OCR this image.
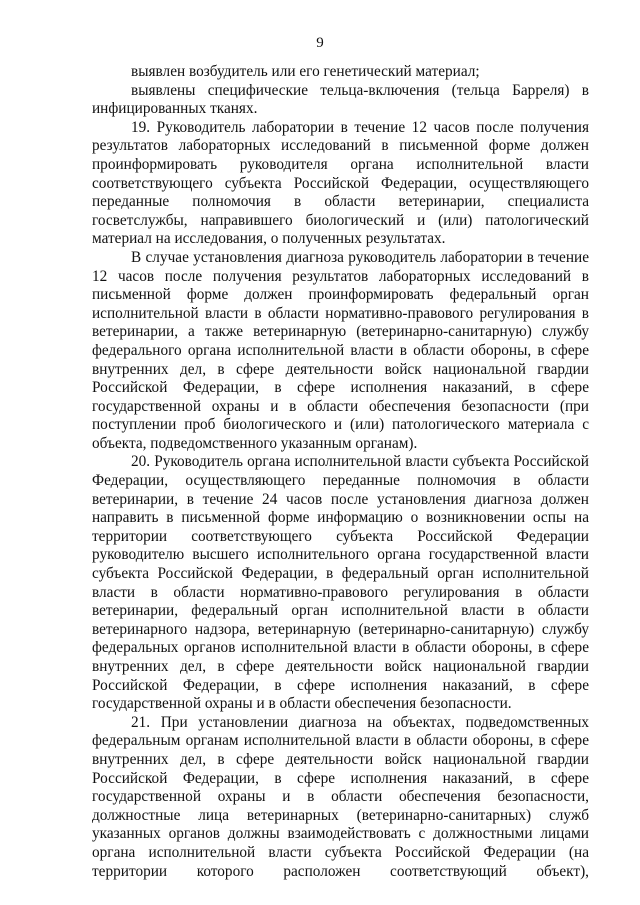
9

выявлен возбудитель или его генетический материал;

выявлены специфические тельца-включения (тельца Барреля) в инфицированных тканях.

19. Руководитель лаборатории в течение 12 часов после получения результатов лабораторных исследований в письменной форме должен проинформировать руководителя органа исполнительной власти соответствующего субъекта Российской Федерации, осуществляющего переданные полномочия в области ветеринарии, специалиста госветслужбы, направившего биологический и (или) патологический материал на исследования, о полученных результатах.

В случае установления диагноза руководитель лаборатории в течение 12 часов после получения результатов лабораторных исследований в письменной форме должен проинформировать федеральный орган исполнительной власти в области нормативно-правового регулирования в ветеринарии, а также ветеринарную (ветеринарно-санитарную) службу федерального органа исполнительной власти в области обороны, в сфере внутренних дел, в сфере деятельности войск национальной гвардии Российской Федерации, в сфере исполнения наказаний, в сфере государственной охраны и в области обеспечения безопасности (при поступлении проб биологического и (или) патологического материала с объекта, подведомственного указанным органам).

20. Руководитель органа исполнительной власти субъекта Российской Федерации, осуществляющего переданные полномочия в области ветеринарии, в течение 24 часов после установления диагноза должен направить в письменной форме информацию о возникновении оспы на территории соответствующего субъекта Российской Федерации руководителю высшего исполнительного органа государственной власти субъекта Российской Федерации, в федеральный орган исполнительной власти в области нормативно-правового регулирования в области ветеринарии, федеральный орган исполнительной власти в области ветеринарного надзора, ветеринарную (ветеринарно-санитарную) службу федеральных органов исполнительной власти в области обороны, в сфере внутренних дел, в сфере деятельности войск национальной гвардии Российской Федерации, в сфере исполнения наказаний, в сфере государственной охраны и в области обеспечения безопасности.

21. При установлении диагноза на объектах, подведомственных федеральным органам исполнительной власти в области обороны, в сфере внутренних дел, в сфере деятельности войск национальной гвардии Российской Федерации, в сфере исполнения наказаний, в сфере государственной охраны и в области обеспечения безопасности, должностные лица ветеринарных (ветеринарно-санитарных) служб указанных органов должны взаимодействовать с должностными лицами органа исполнительной власти субъекта Российской Федерации (на территории которого расположен соответствующий объект),
